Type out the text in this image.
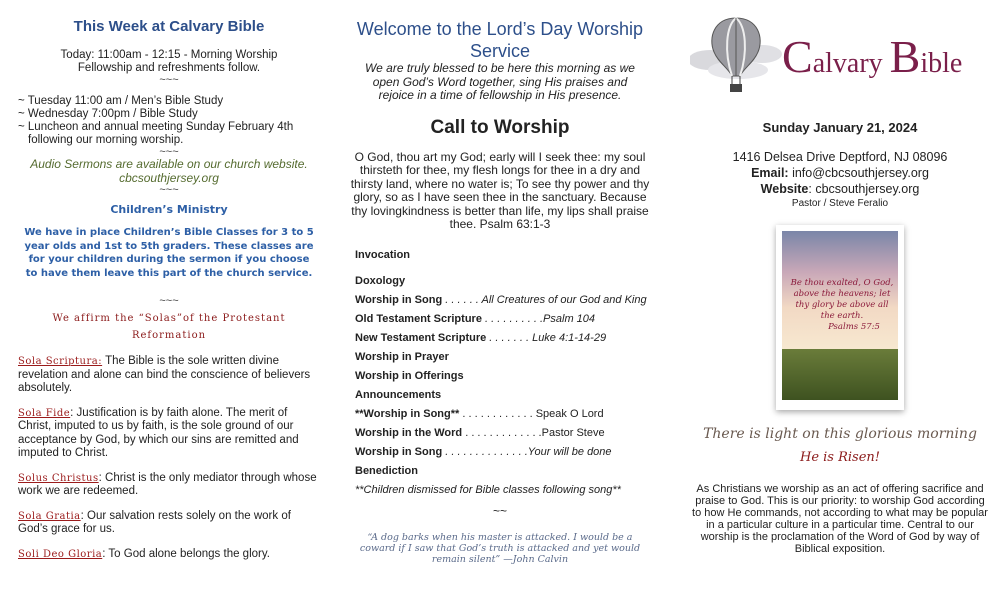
This Week at Calvary Bible
Today: 11:00am - 12:15 - Morning Worship
Fellowship and refreshments follow.
~~~
~ Tuesday 11:00 am / Men’s Bible Study
~ Wednesday 7:00pm / Bible Study
~ Luncheon and annual meeting Sunday February 4th following our morning worship.
~~~
Audio Sermons are available on our church website.
cbcsouthjersey.org
~~~
Children’s Ministry
We have in place Children’s Bible Classes for 3 to 5 year olds and 1st to 5th graders. These classes are for your children during the sermon if you choose to have them leave this part of the church service.
~~~
We affirm the “Solas”of the Protestant Reformation
Sola Scriptura: The Bible is the sole written divine revelation and alone can bind the conscience of believers absolutely.
Sola Fide: Justification is by faith alone. The merit of Christ, imputed to us by faith, is the sole ground of our acceptance by God, by which our sins are remitted and imputed to Christ.
Solus Christus: Christ is the only mediator through whose work we are redeemed.
Sola Gratia: Our salvation rests solely on the work of God’s grace for us.
Soli Deo Gloria: To God alone belongs the glory.
Welcome to the Lord’s Day Worship Service
We are truly blessed to be here this morning as we open God’s Word together, sing His praises and rejoice in a time of fellowship in His presence.
Call to Worship
O God, thou art my God; early will I seek thee: my soul thirsteth for thee, my flesh longs for thee in a dry and thirsty land, where no water is; To see thy power and thy glory, so as I have seen thee in the sanctuary. Because thy lovingkindness is better than life, my lips shall praise thee. Psalm 63:1-3
Invocation
Doxology
Worship in Song . . . . . . All Creatures of our God and King
Old Testament Scripture . . . . . . . . . .Psalm 104
New Testament Scripture . . . . . . . Luke 4:1-14-29
Worship in Prayer
Worship in Offerings
Announcements
**Worship in Song** . . . . . . . . . . . . Speak O Lord
Worship in the Word . . . . . . . . . . . . .Pastor Steve
Worship in Song . . . . . . . . . . . . . .Your will be done
Benediction
**Children dismissed for Bible classes following song**
~~
“A dog barks when his master is attacked. I would be a coward if I saw that God’s truth is attacked and yet would remain silent” —John Calvin
Calvary Bible
Sunday January 21, 2024
1416 Delsea Drive Deptford, NJ 08096
Email: info@cbcsouthjersey.org
Website: cbcsouthjersey.org
Pastor / Steve Feralio
Be thou exalted, O God,
above the heavens; let
thy glory be above all
the earth.
Psalms 57:5
There is light on this glorious morning
He is Risen!
As Christians we worship as an act of offering sacrifice and praise to God. This is our priority: to worship God according to how He commands, not according to what may be popular in a particular culture in a particular time. Central to our worship is the proclamation of the Word of God by way of Biblical exposition.
